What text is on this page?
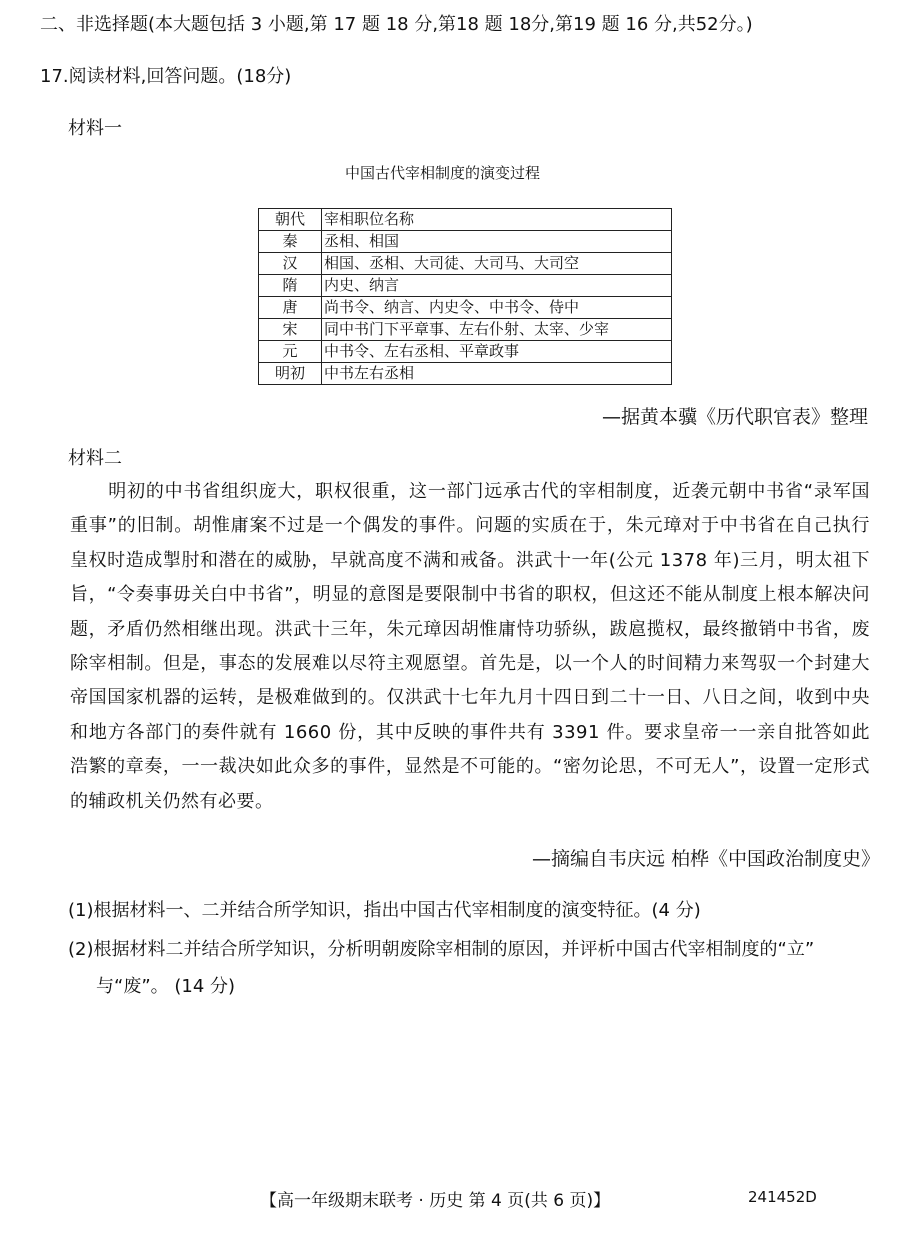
二、非选择题(本大题包括 3 小题,第 17 题 18 分,第18 题 18分,第19 题 16 分,共52分。)
17.阅读材料,回答问题。(18分)
材料一
中国古代宰相制度的演变过程
朝代	宰相职位名称
秦	丞相、相国
汉	相国、丞相、大司徒、大司马、大司空
隋	内史、纳言
唐	尚书令、纳言、内史令、中书令、侍中
宋	同中书门下平章事、左右仆射、太宰、少宰
元	中书令、左右丞相、平章政事
明初	中书左右丞相
—据黄本骥《历代职官表》整理
材料二
明初的中书省组织庞大，职权很重，这一部门远承古代的宰相制度，近袭元朝中书省“录军国重事”的旧制。胡惟庸案不过是一个偶发的事件。问题的实质在于，朱元璋对于中书省在自己执行皇权时造成掣肘和潜在的威胁，早就高度不满和戒备。洪武十一年(公元 1378 年)三月，明太祖下旨，“令奏事毋关白中书省”，明显的意图是要限制中书省的职权，但这还不能从制度上根本解决问题，矛盾仍然相继出现。洪武十三年，朱元璋因胡惟庸恃功骄纵，跋扈揽权，最终撤销中书省，废除宰相制。但是，事态的发展难以尽符主观愿望。首先是，以一个人的时间精力来驾驭一个封建大帝国国家机器的运转，是极难做到的。仅洪武十七年九月十四日到二十一日、八日之间，收到中央和地方各部门的奏件就有 1660 份，其中反映的事件共有 3391 件。要求皇帝一一亲自批答如此浩繁的章奏，一一裁决如此众多的事件，显然是不可能的。“密勿论思，不可无人”，设置一定形式的辅政机关仍然有必要。
—摘编自韦庆远 柏桦《中国政治制度史》
(1)根据材料一、二并结合所学知识，指出中国古代宰相制度的演变特征。(4 分)
(2)根据材料二并结合所学知识，分析明朝废除宰相制的原因，并评析中国古代宰相制度的“立”
与“废”。 (14 分)
【高一年级期末联考 · 历史 第 4 页(共 6 页)】	241452D
